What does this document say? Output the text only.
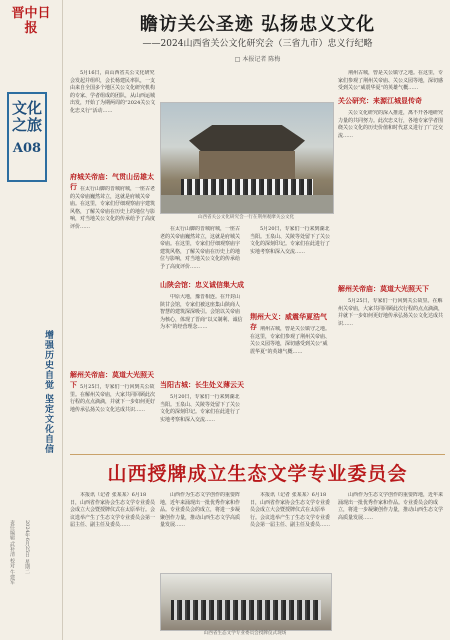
晋中日报
文化之旅
A08
增强历史自觉 坚定文化自信
责任编辑 武补清 校对 牛建军	2024年6月25日 星期二
瞻访关公圣迹 弘扬忠义文化
——2024山西省关公文化研究会（三省九市）忠义行纪略
□ 本报记者 陈梅
5月16日，由山西省关公文化研究会发起并组织，会长杨建民率队，一支由来自全国多个地区关公文化研究机构的专家、学者组成的团队，从山西运城出发，开始了为期两周的“2024关公文化忠义行”活动……
府城关帝庙：气贯山岳雄太行 在太行山脚的晋城府城，一座古老的关帝庙巍然耸立，这就是府城关帝庙。在这里，专家们仔细观察庙宇建筑风格，了解关帝庙在历史上的地位与影响，对当地关公文化的传承给予了高度评价……
解州关帝庙：莫道大光照天下 5月25日，专家们一行回到关公故里。在解州关帝庙，大家共同回顾此次行程的点点滴滴，并就下一步如何更好地传承弘扬关公文化达成共识……
山西省关公文化研究会一行在荆州观摩关公文化
在太行山脚的晋城府城，一座古老的关帝庙巍然耸立，这就是府城关帝庙。在这里，专家们仔细观察庙宇建筑风格，了解关帝庙在历史上的地位与影响，对当地关公文化的传承给予了高度评价……
山陕会馆：忠义诚信集大成
中原大地，豫晋相连。在开封山陕甘会馆，专家们被这座集山陕商人智慧的建筑深深吸引。会馆以关帝庙为核心，体现了晋商“以义制利、诚信为本”的经营理念……
当阳古城：长生处义薄云天
5月20日，专家们一行来到湖北当阳。玉泉山、关陵等处留下了关公文化的深刻印记。专家们在此进行了实地考察和深入交流……
5月20日，专家们一行来到湖北当阳。玉泉山、关陵等处留下了关公文化的深刻印记。专家们在此进行了实地考察和深入交流……
荆州大义：威震华夏浩气存 荆州古城，曾是关公镇守之地。在这里，专家们参观了荆州关帝庙、关公义园等地，深切感受到关公“威震华夏”的英雄气概……
荆州古城，曾是关公镇守之地。在这里，专家们参观了荆州关帝庙、关公义园等地，深切感受到关公“威震华夏”的英雄气概……
关公研究：来源江城显传奇
关公文化研究的深入推进，离不开各地研究力量的共同努力。此次忠义行，各地专家学者围绕关公文化的历史价值和时代意义进行了广泛交流……
解州关帝庙：莫道大光照天下
5月25日，专家们一行回到关公故里。在解州关帝庙，大家共同回顾此次行程的点点滴滴，并就下一步如何更好地传承弘扬关公文化达成共识……
山西授牌成立生态文学专业委员会
本报讯（记者 张某某）6月18日，山西省作家协会生态文学专业委员会成立大会暨授牌仪式在太原举行。会议选举产生了生态文学专业委员会第一届主任、副主任及委员……
山西作为生态文学创作的重要阵地，近年来涌现出一批优秀作家和作品。专业委员会的成立，将进一步凝聚创作力量，推动山西生态文学高质量发展……
本报讯（记者 张某某）6月18日，山西省作家协会生态文学专业委员会成立大会暨授牌仪式在太原举行。会议选举产生了生态文学专业委员会第一届主任、副主任及委员……
山西作为生态文学创作的重要阵地，近年来涌现出一批优秀作家和作品。专业委员会的成立，将进一步凝聚创作力量，推动山西生态文学高质量发展……
山西省生态文学专业委员会授牌仪式现场
